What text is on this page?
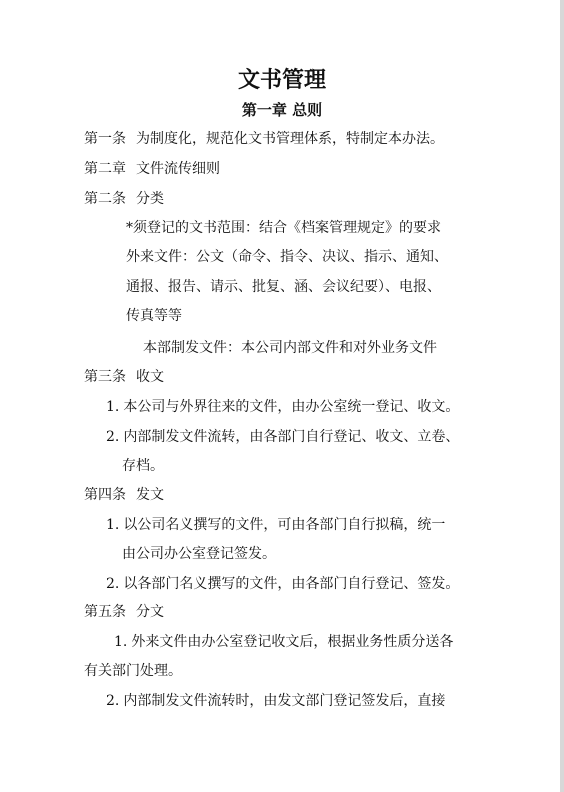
文书管理
第一章 总则
第一条 为制度化，规范化文书管理体系，特制定本办法。
第二章 文件流传细则
第二条 分类
*须登记的文书范围：结合《档案管理规定》的要求
外来文件：公文（命令、指令、决议、指示、通知、
通报、报告、请示、批复、涵、会议纪要）、电报、
传真等等
本部制发文件：本公司内部文件和对外业务文件
第三条 收文
1. 本公司与外界往来的文件，由办公室统一登记、收文。
2. 内部制发文件流转，由各部门自行登记、收文、立卷、
存档。
第四条 发文
1. 以公司名义撰写的文件，可由各部门自行拟稿，统一
由公司办公室登记签发。
2. 以各部门名义撰写的文件，由各部门自行登记、签发。
第五条 分文
1. 外来文件由办公室登记收文后，根据业务性质分送各
有关部门处理。
2. 内部制发文件流转时，由发文部门登记签发后，直接
